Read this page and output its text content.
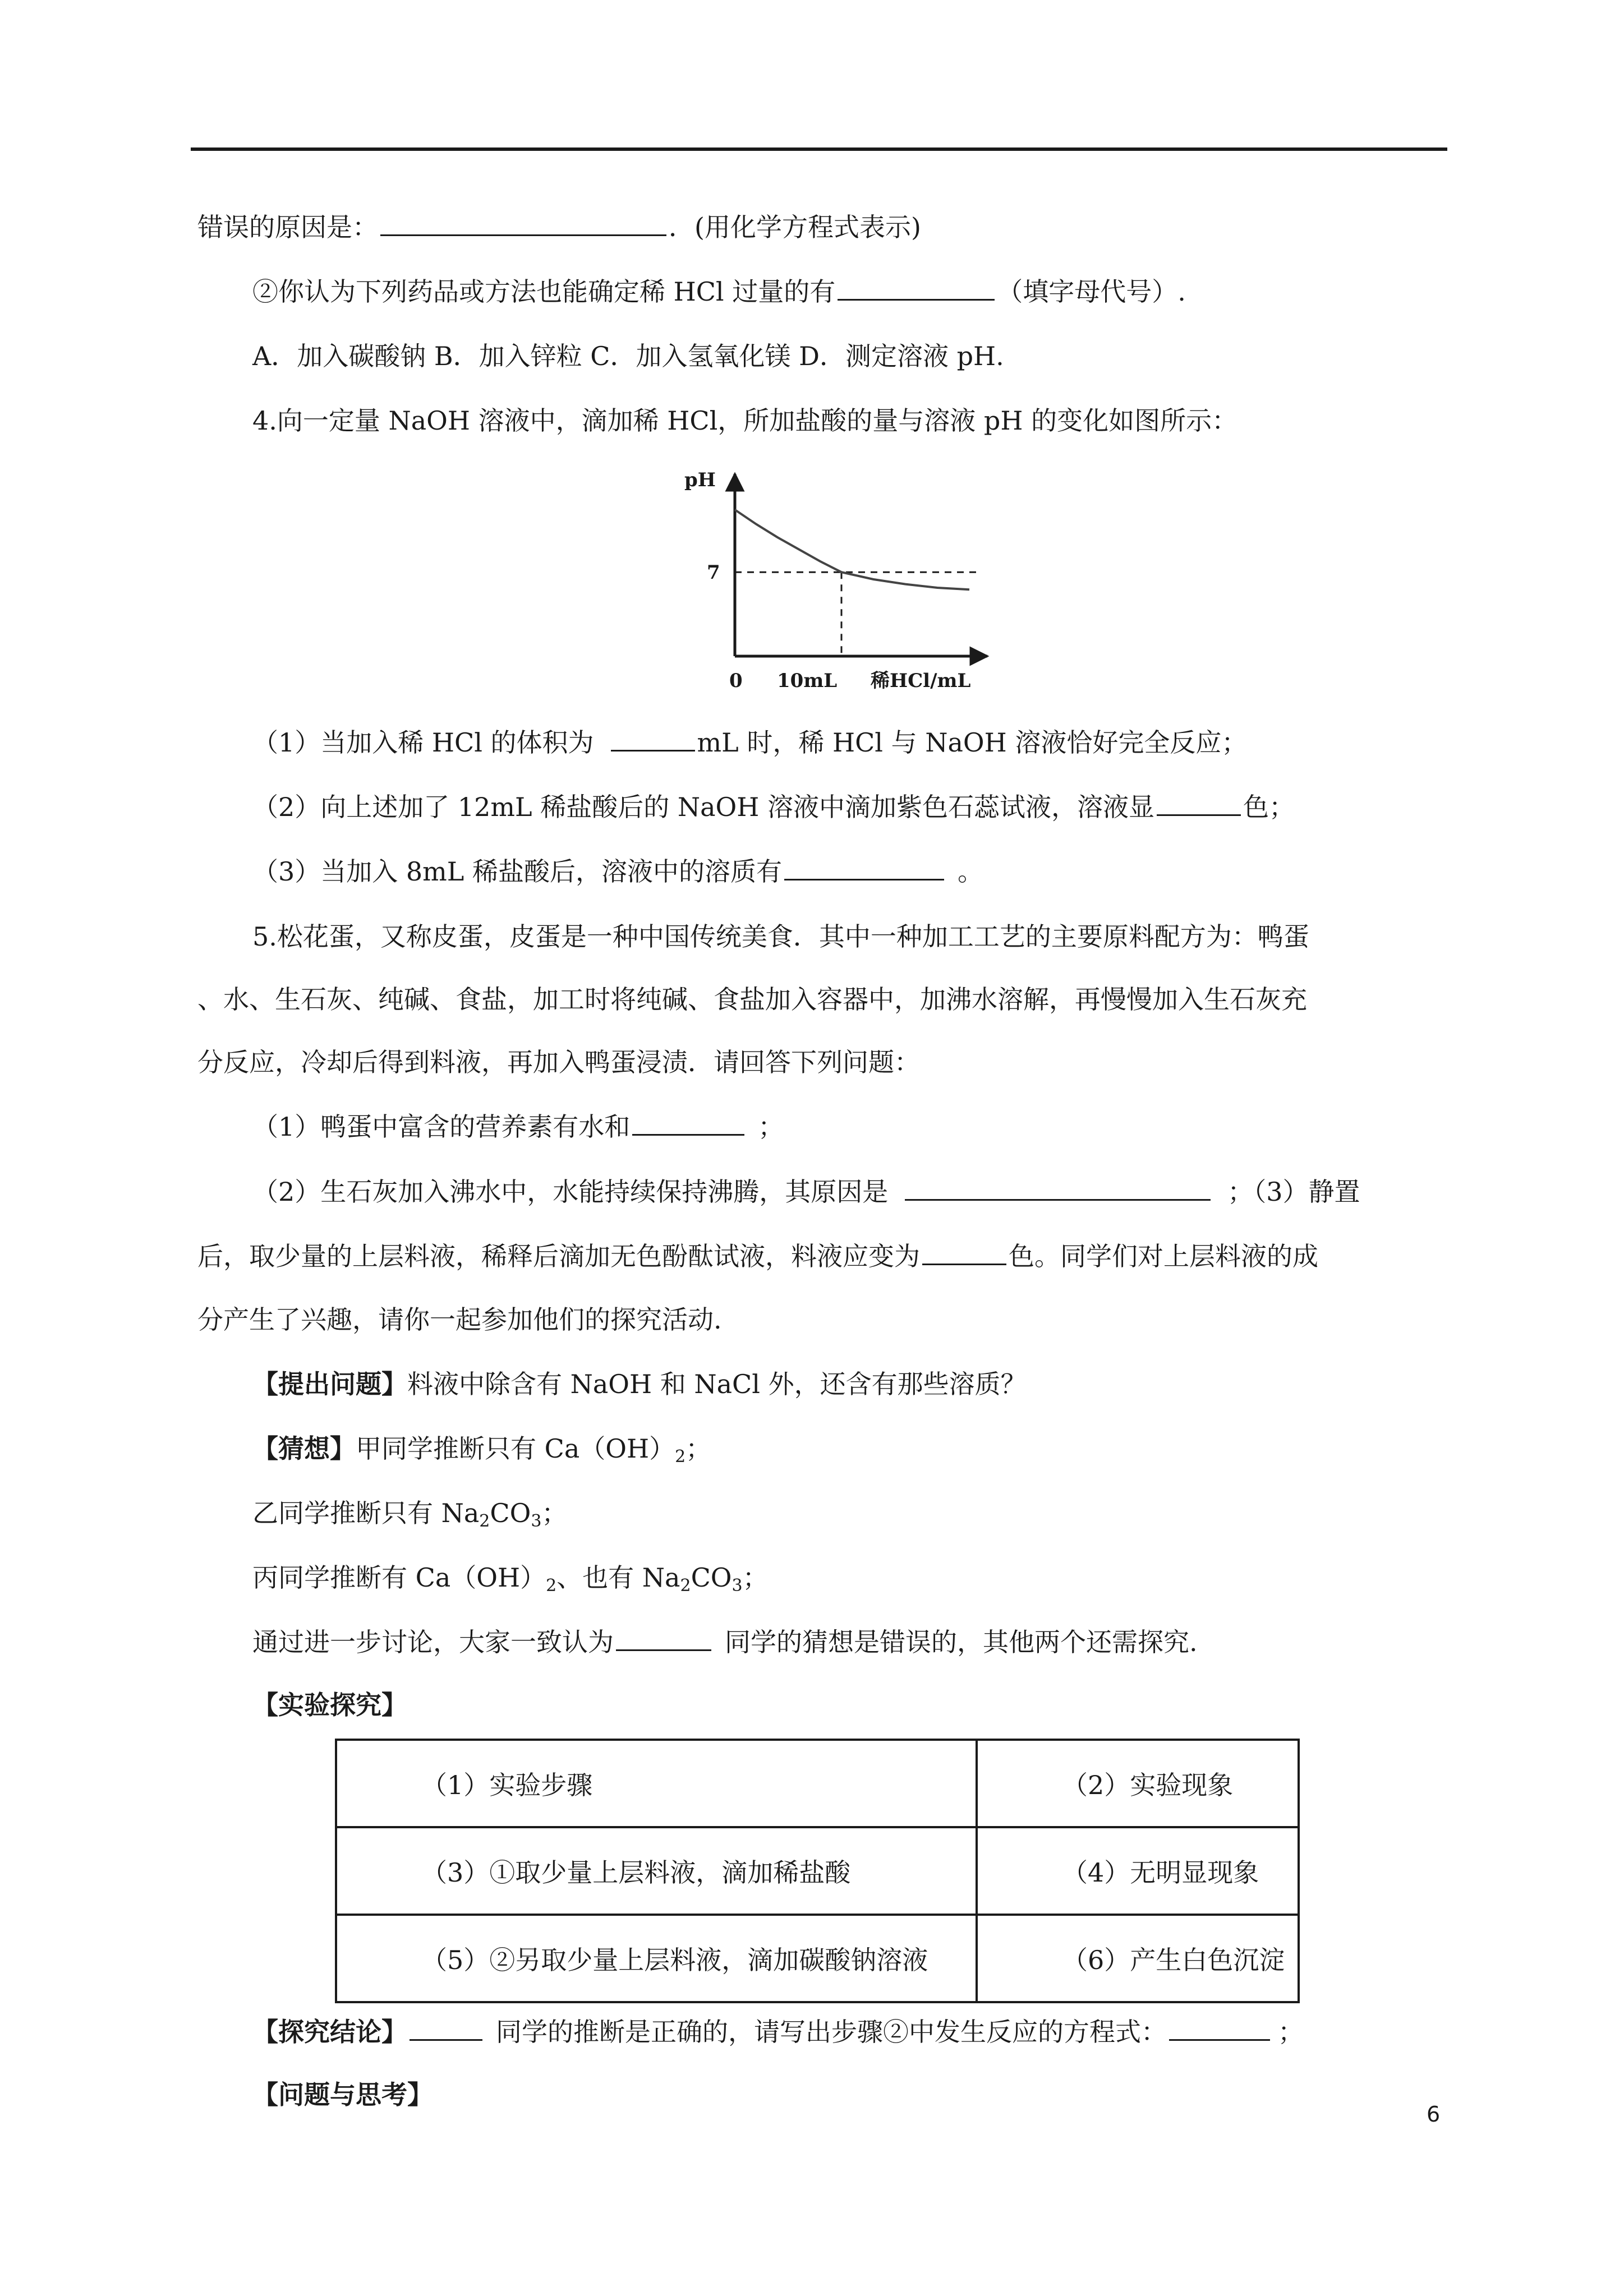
错误的原因是：	．(用化学方程式表示)
②你认为下列药品或方法也能确定稀 HCl 过量的有	（填字母代号）.
A．加入碳酸钠 B．加入锌粒 C．加入氢氧化镁 D．测定溶液 pH.
4.向一定量 NaOH 溶液中，滴加稀 HCl，所加盐酸的量与溶液 pH 的变化如图所示：
pH
7
0 10mL 稀HCl/mL
（1）当加入稀 HCl 的体积为	mL 时，稀 HCl 与 NaOH 溶液恰好完全反应；
（2）向上述加了 12mL 稀盐酸后的 NaOH 溶液中滴加紫色石蕊试液，溶液显	色；
（3）当加入 8mL 稀盐酸后，溶液中的溶质有	。
5.松花蛋，又称皮蛋，皮蛋是一种中国传统美食．其中一种加工工艺的主要原料配方为：鸭蛋
、水、生石灰、纯碱、食盐，加工时将纯碱、食盐加入容器中，加沸水溶解，再慢慢加入生石灰充
分反应，冷却后得到料液，再加入鸭蛋浸渍．请回答下列问题：
（1）鸭蛋中富含的营养素有水和	；
（2）生石灰加入沸水中，水能持续保持沸腾，其原因是	；（3）静置
后，取少量的上层料液，稀释后滴加无色酚酞试液，料液应变为	色。同学们对上层料液的成
分产生了兴趣，请你一起参加他们的探究活动.
【提出问题】料液中除含有 NaOH 和 NaCl 外，还含有那些溶质？
【猜想】甲同学推断只有 $Ca(OH)_2$；
乙同学推断只有 $Na_2CO_3$；
丙同学推断有 $Ca(OH)_2$、也有 $Na_2CO_3$；
通过进一步讨论，大家一致认为	同学的猜想是错误的，其他两个还需探究.
【实验探究】
（1）实验步骤	（2）实验现象
（3）①取少量上层料液，滴加稀盐酸	（4）无明显现象
（5）②另取少量上层料液，滴加碳酸钠溶液	（6）产生白色沉淀
【探究结论】	同学的推断是正确的，请写出步骤②中发生反应的方程式：	；
【问题与思考】
6
